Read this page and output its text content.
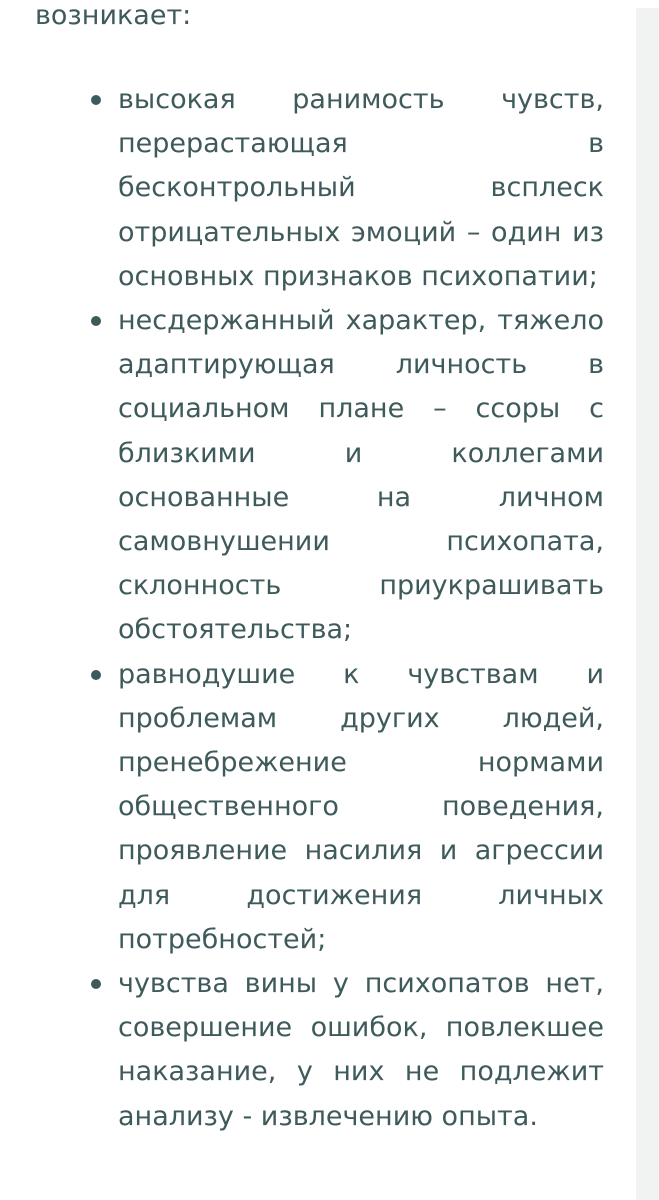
возникает:

высокая ранимость чувств, перерастающая в бесконтрольный всплеск отрицательных эмоций – один из основных признаков психопатии;
несдержанный характер, тяжело адаптирующая личность в социальном плане – ссоры с близкими и коллегами основанные на личном самовнушении психопата, склонность приукрашивать обстоятельства;
равнодушие к чувствам и проблемам других людей, пренебрежение нормами общественного поведения, проявление насилия и агрессии для достижения личных потребностей;
чувства вины у психопатов нет, совершение ошибок, повлекшее наказание, у них не подлежит анализу - извлечению опыта.
